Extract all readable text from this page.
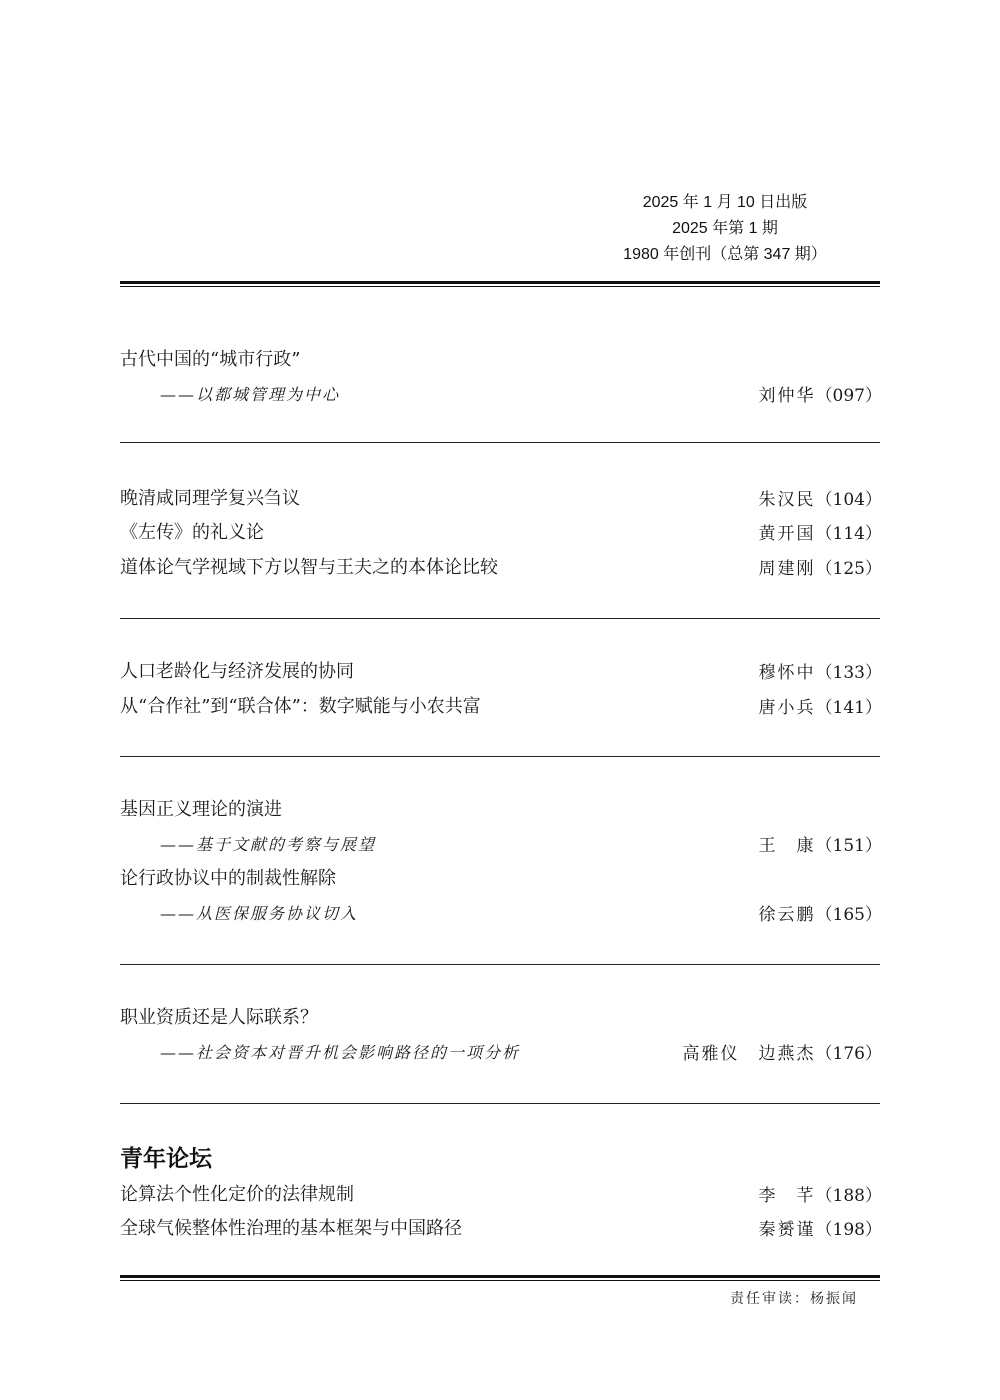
2025 年 1 月 10 日出版
2025 年第 1 期
1980 年创刊（总第 347 期）
古代中国的“城市行政”
——以都城管理为中心	刘仲华（097）
晚清咸同理学复兴刍议	朱汉民（104）
《左传》的礼义论	黄开国（114）
道体论气学视域下方以智与王夫之的本体论比较	周建刚（125）
人口老龄化与经济发展的协同	穆怀中（133）
从“合作社”到“联合体”：数字赋能与小农共富	唐小兵（141）
基因正义理论的演进
——基于文献的考察与展望	王　康（151）
论行政协议中的制裁性解除
——从医保服务协议切入	徐云鹏（165）
职业资质还是人际联系？
——社会资本对晋升机会影响路径的一项分析	高雅仪　边燕杰（176）
青年论坛
论算法个性化定价的法律规制	李　芊（188）
全球气候整体性治理的基本框架与中国路径	秦赟谨（198）
责任审读：杨振闻
